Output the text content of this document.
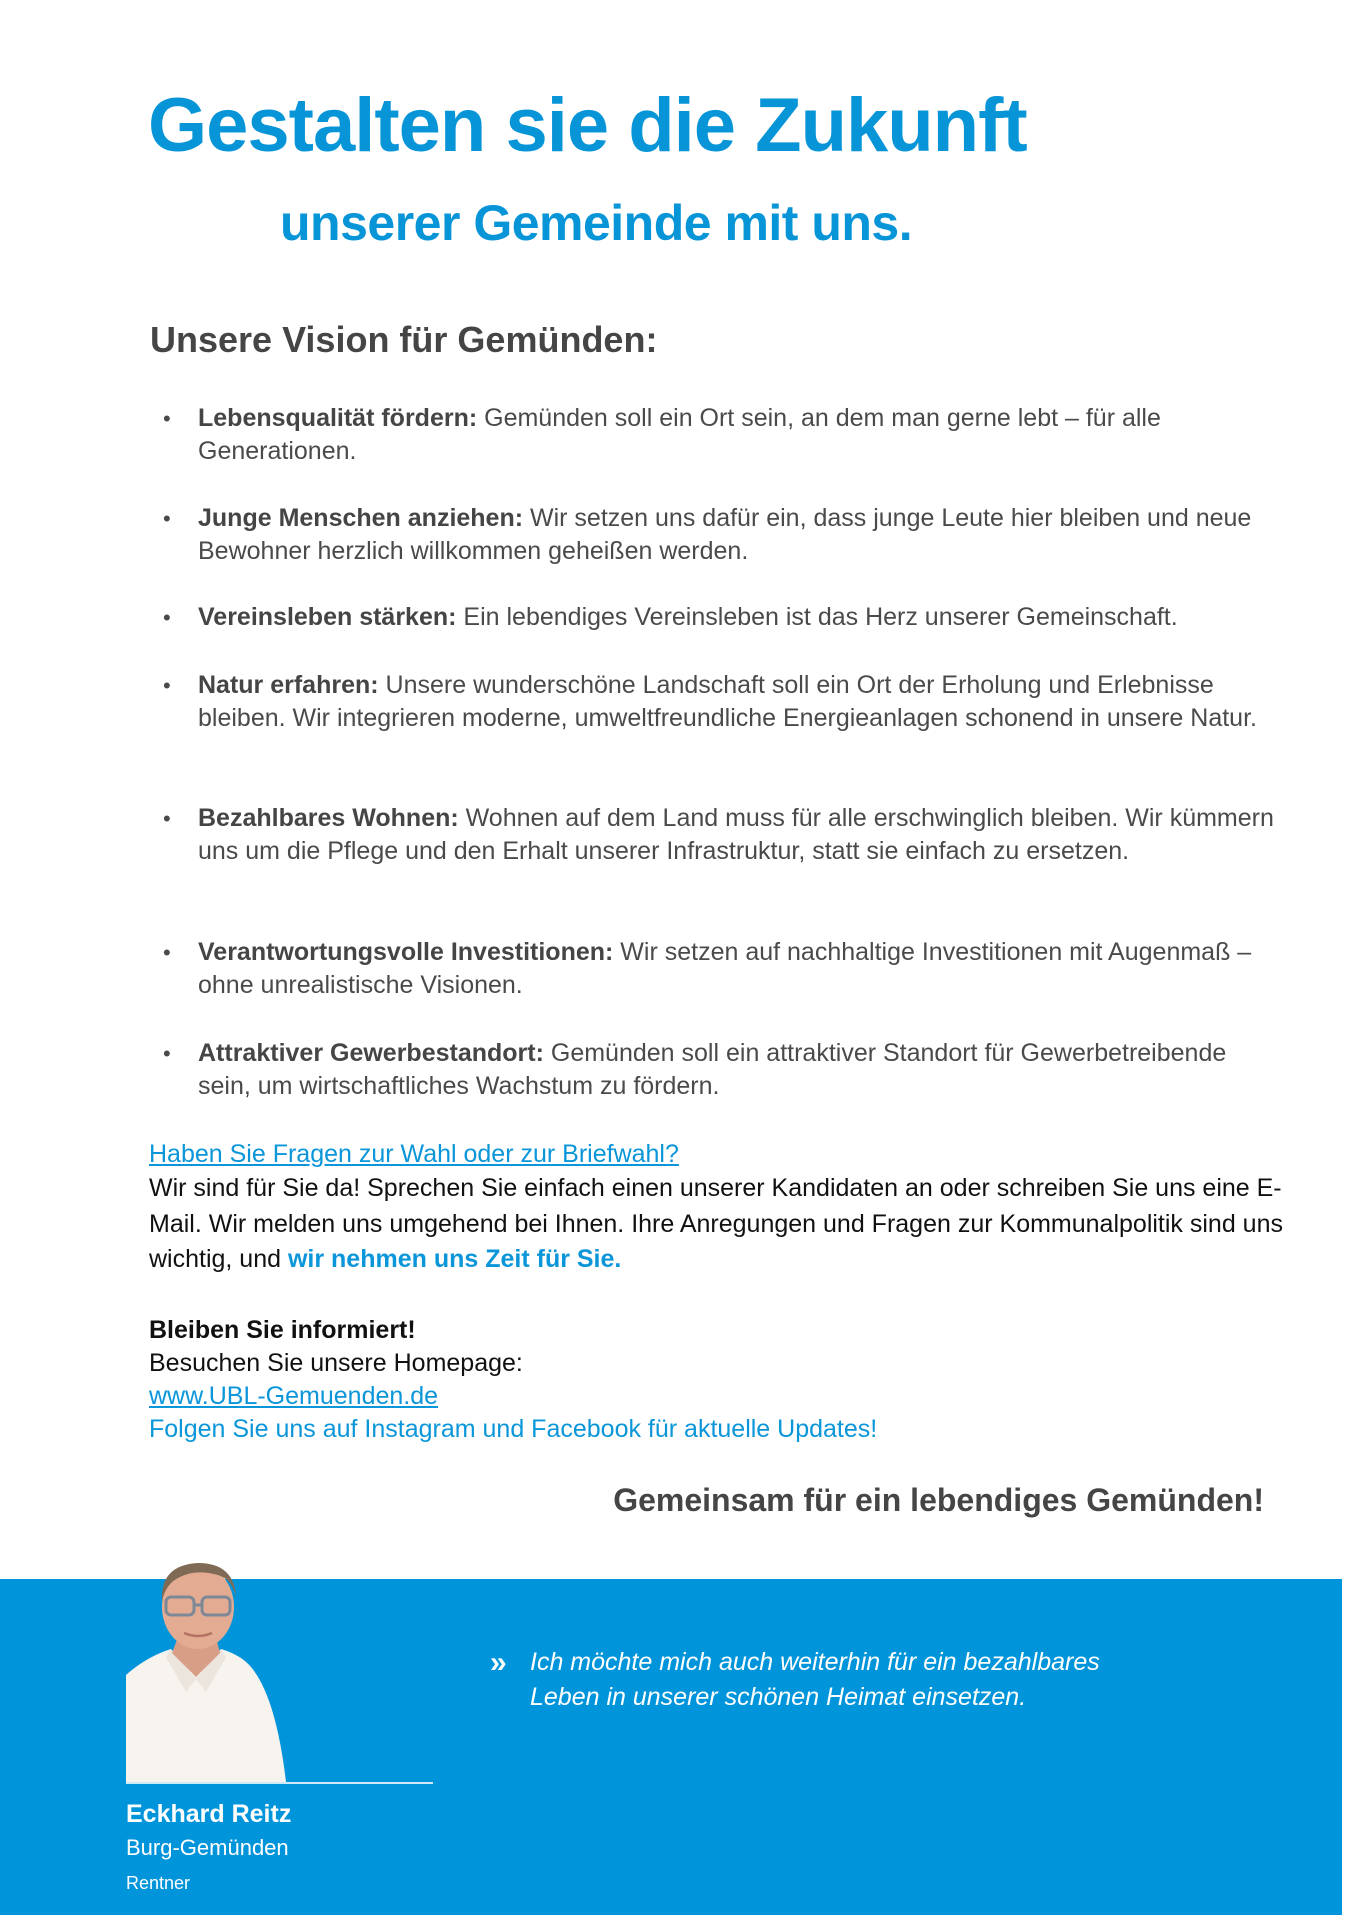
Gestalten sie die Zukunft
unserer Gemeinde mit uns.
Unsere Vision für Gemünden:
• Lebensqualität fördern: Gemünden soll ein Ort sein, an dem man gerne lebt – für alle Generationen.
• Junge Menschen anziehen: Wir setzen uns dafür ein, dass junge Leute hier bleiben und neue Bewohner herzlich willkommen geheißen werden.
• Vereinsleben stärken: Ein lebendiges Vereinsleben ist das Herz unserer Gemeinschaft.
• Natur erfahren: Unsere wunderschöne Landschaft soll ein Ort der Erholung und Erlebnisse bleiben. Wir integrieren moderne, umweltfreundliche Energieanlagen schonend in unsere Natur.
• Bezahlbares Wohnen: Wohnen auf dem Land muss für alle erschwinglich bleiben. Wir kümmern uns um die Pflege und den Erhalt unserer Infrastruktur, statt sie einfach zu ersetzen.
• Verantwortungsvolle Investitionen: Wir setzen auf nachhaltige Investitionen mit Augenmaß – ohne unrealistische Visionen.
• Attraktiver Gewerbestandort: Gemünden soll ein attraktiver Standort für Gewerbetreibende sein, um wirtschaftliches Wachstum zu fördern.
Haben Sie Fragen zur Wahl oder zur Briefwahl?
Wir sind für Sie da! Sprechen Sie einfach einen unserer Kandidaten an oder schreiben Sie uns eine E-Mail. Wir melden uns umgehend bei Ihnen. Ihre Anregungen und Fragen zur Kommunalpolitik sind uns wichtig, und wir nehmen uns Zeit für Sie.
Bleiben Sie informiert!
Besuchen Sie unsere Homepage:
www.UBL-Gemuenden.de
Folgen Sie uns auf Instagram und Facebook für aktuelle Updates!
Gemeinsam für ein lebendiges Gemünden!
Eckhard Reitz
Burg-Gemünden
Rentner
» Ich möchte mich auch weiterhin für ein bezahlbares Leben in unserer schönen Heimat einsetzen.
